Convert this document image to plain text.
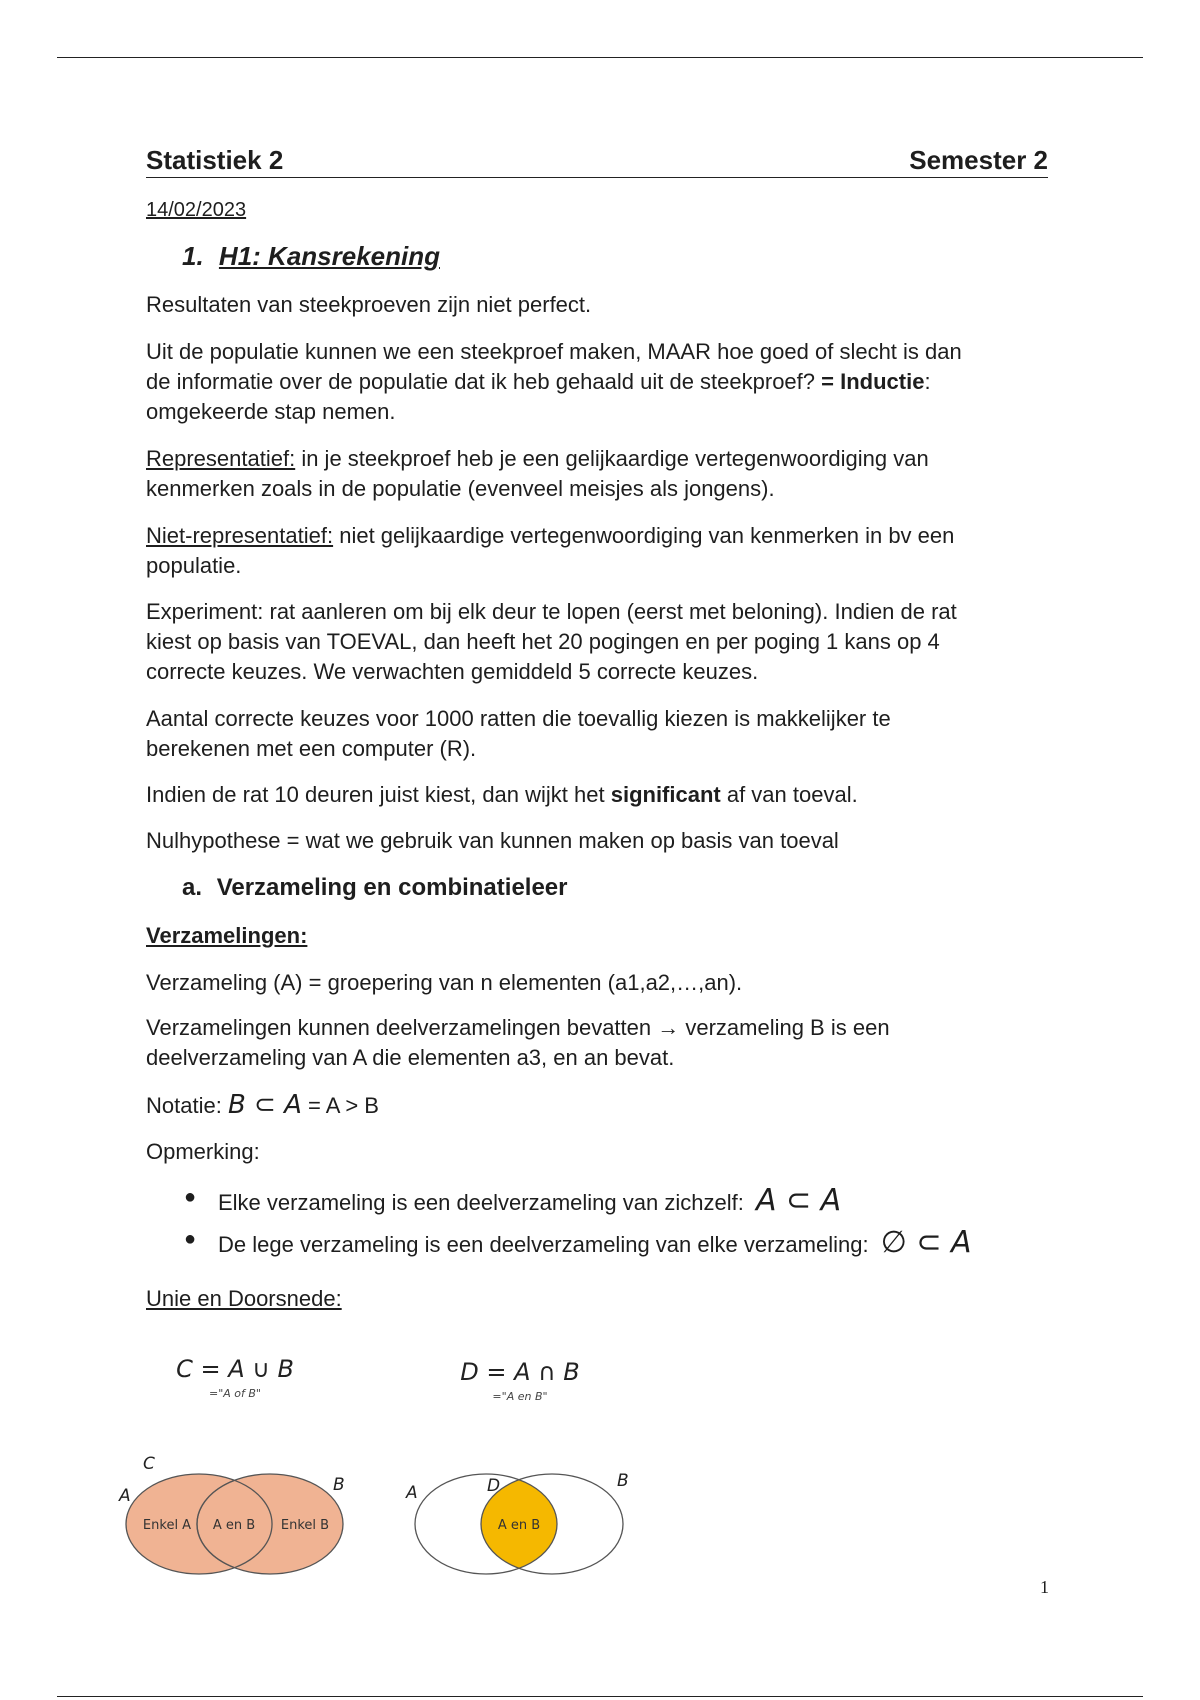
Statistiek 2	Semester 2
14/02/2023
1. H1: Kansrekening

Resultaten van steekproeven zijn niet perfect.

Uit de populatie kunnen we een steekproef maken, MAAR hoe goed of slecht is dan

de informatie over de populatie dat ik heb gehaald uit de steekproef? = Inductie:

omgekeerde stap nemen.

Representatief: in je steekproef heb je een gelijkaardige vertegenwoordiging van

kenmerken zoals in de populatie (evenveel meisjes als jongens).

Niet-representatief: niet gelijkaardige vertegenwoordiging van kenmerken in bv een

populatie.

Experiment: rat aanleren om bij elk deur te lopen (eerst met beloning). Indien de rat

kiest op basis van TOEVAL, dan heeft het 20 pogingen en per poging 1 kans op 4

correcte keuzes. We verwachten gemiddeld 5 correcte keuzes.

Aantal correcte keuzes voor 1000 ratten die toevallig kiezen is makkelijker te

berekenen met een computer (R).

Indien de rat 10 deuren juist kiest, dan wijkt het significant af van toeval.

Nulhypothese = wat we gebruik van kunnen maken op basis van toeval

a. Verzameling en combinatieleer

Verzamelingen:

Verzameling (A) = groepering van n elementen (a1,a2,…,an).

Verzamelingen kunnen deelverzamelingen bevatten → verzameling B is een

deelverzameling van A die elementen a3, en an bevat.

Notatie: B ⊂ A = A > B

Opmerking:

● Elke verzameling is een deelverzameling van zichzelf: A ⊂ A

● De lege verzameling is een deelverzameling van elke verzameling: ∅ ⊂ A

Unie en Doorsnede:

C = A ∪ B
="A of B"
C
A
B
Enkel A A en B Enkel B
D = A ∩ B
="A en B"
A	D	B
A en B
1
